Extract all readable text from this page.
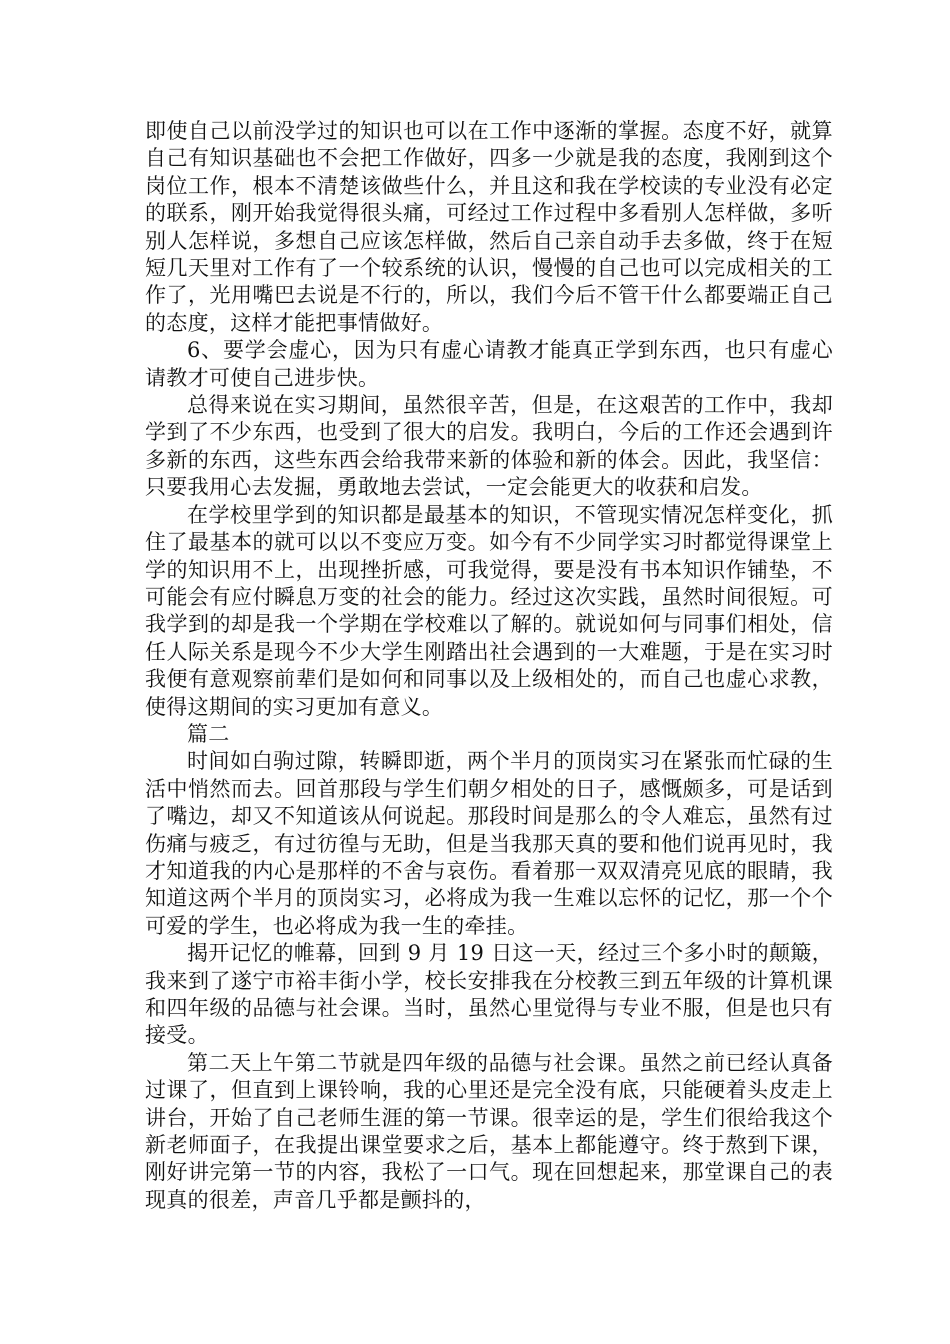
即使自己以前没学过的知识也可以在工作中逐渐的掌握。态度不好，就算自己有知识基础也不会把工作做好，四多一少就是我的态度，我刚到这个岗位工作，根本不清楚该做些什么，并且这和我在学校读的专业没有必定的联系，刚开始我觉得很头痛，可经过工作过程中多看别人怎样做，多听别人怎样说，多想自己应该怎样做，然后自己亲自动手去多做，终于在短短几天里对工作有了一个较系统的认识，慢慢的自己也可以完成相关的工作了，光用嘴巴去说是不行的，所以，我们今后不管干什么都要端正自己的态度，这样才能把事情做好。

6、要学会虚心，因为只有虚心请教才能真正学到东西，也只有虚心请教才可使自己进步快。

总得来说在实习期间，虽然很辛苦，但是，在这艰苦的工作中，我却学到了不少东西，也受到了很大的启发。我明白，今后的工作还会遇到许多新的东西，这些东西会给我带来新的体验和新的体会。因此，我坚信：只要我用心去发掘，勇敢地去尝试，一定会能更大的收获和启发。

在学校里学到的知识都是最基本的知识，不管现实情况怎样变化，抓住了最基本的就可以以不变应万变。如今有不少同学实习时都觉得课堂上学的知识用不上，出现挫折感，可我觉得，要是没有书本知识作铺垫，不可能会有应付瞬息万变的社会的能力。经过这次实践，虽然时间很短。可我学到的却是我一个学期在学校难以了解的。就说如何与同事们相处，信任人际关系是现今不少大学生刚踏出社会遇到的一大难题，于是在实习时我便有意观察前辈们是如何和同事以及上级相处的，而自己也虚心求教，使得这期间的实习更加有意义。

篇二

时间如白驹过隙，转瞬即逝，两个半月的顶岗实习在紧张而忙碌的生活中悄然而去。回首那段与学生们朝夕相处的日子，感慨颇多，可是话到了嘴边，却又不知道该从何说起。那段时间是那么的令人难忘，虽然有过伤痛与疲乏，有过彷徨与无助，但是当我那天真的要和他们说再见时，我才知道我的内心是那样的不舍与哀伤。看着那一双双清亮见底的眼睛，我知道这两个半月的顶岗实习，必将成为我一生难以忘怀的记忆，那一个个可爱的学生，也必将成为我一生的牵挂。

揭开记忆的帷幕，回到 9 月 19 日这一天，经过三个多小时的颠簸，我来到了遂宁市裕丰街小学，校长安排我在分校教三到五年级的计算机课和四年级的品德与社会课。当时，虽然心里觉得与专业不服，但是也只有接受。

第二天上午第二节就是四年级的品德与社会课。虽然之前已经认真备过课了，但直到上课铃响，我的心里还是完全没有底，只能硬着头皮走上讲台，开始了自己老师生涯的第一节课。很幸运的是，学生们很给我这个新老师面子，在我提出课堂要求之后，基本上都能遵守。终于熬到下课，刚好讲完第一节的内容，我松了一口气。现在回想起来，那堂课自己的表现真的很差，声音几乎都是颤抖的，
